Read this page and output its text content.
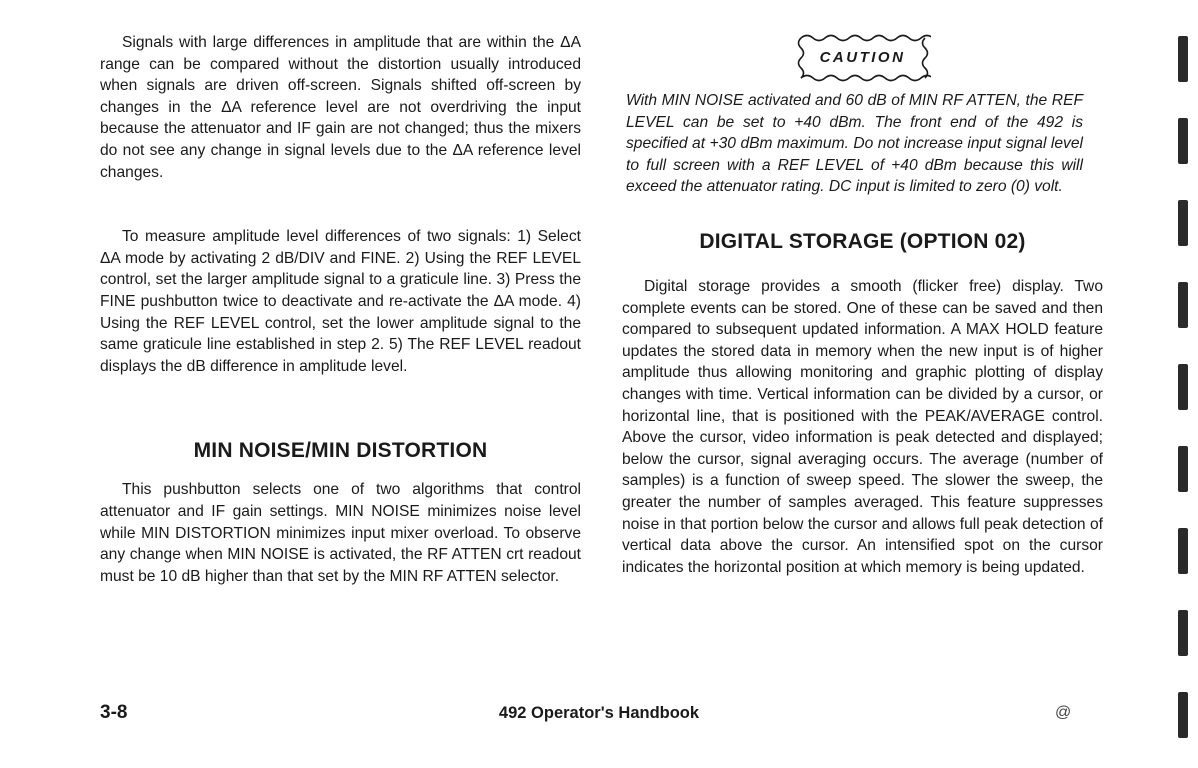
Signals with large differences in amplitude that are within the ΔA range can be compared without the distortion usually introduced when signals are driven off-screen. Signals shifted off-screen by changes in the ΔA reference level are not overdriving the input because the attenuator and IF gain are not changed; thus the mixers do not see any change in signal levels due to the ΔA reference level changes.

To measure amplitude level differences of two signals: 1) Select ΔA mode by activating 2 dB/DIV and FINE. 2) Using the REF LEVEL control, set the larger amplitude signal to a graticule line. 3) Press the FINE pushbutton twice to deactivate and re-activate the ΔA mode. 4) Using the REF LEVEL control, set the lower amplitude signal to the same graticule line established in step 2. 5) The REF LEVEL readout displays the dB difference in amplitude level.

MIN NOISE/MIN DISTORTION

This pushbutton selects one of two algorithms that control attenuator and IF gain settings. MIN NOISE minimizes noise level while MIN DISTORTION minimizes input mixer overload. To observe any change when MIN NOISE is activated, the RF ATTEN crt readout must be 10 dB higher than that set by the MIN RF ATTEN selector.

CAUTION

With MIN NOISE activated and 60 dB of MIN RF ATTEN, the REF LEVEL can be set to +40 dBm. The front end of the 492 is specified at +30 dBm maximum. Do not increase input signal level to full screen with a REF LEVEL of +40 dBm because this will exceed the attenuator rating. DC input is limited to zero (0) volt.

DIGITAL STORAGE (OPTION 02)

Digital storage provides a smooth (flicker free) display. Two complete events can be stored. One of these can be saved and then compared to subsequent updated information. A MAX HOLD feature updates the stored data in memory when the new input is of higher amplitude thus allowing monitoring and graphic plotting of display changes with time. Vertical information can be divided by a cursor, or horizontal line, that is positioned with the PEAK/AVERAGE control. Above the cursor, video information is peak detected and displayed; below the cursor, signal averaging occurs. The average (number of samples) is a function of sweep speed. The slower the sweep, the greater the number of samples averaged. This feature suppresses noise in that portion below the cursor and allows full peak detection of vertical data above the cursor. An intensified spot on the cursor indicates the horizontal position at which memory is being updated.

3-8	492 Operator's Handbook	@
